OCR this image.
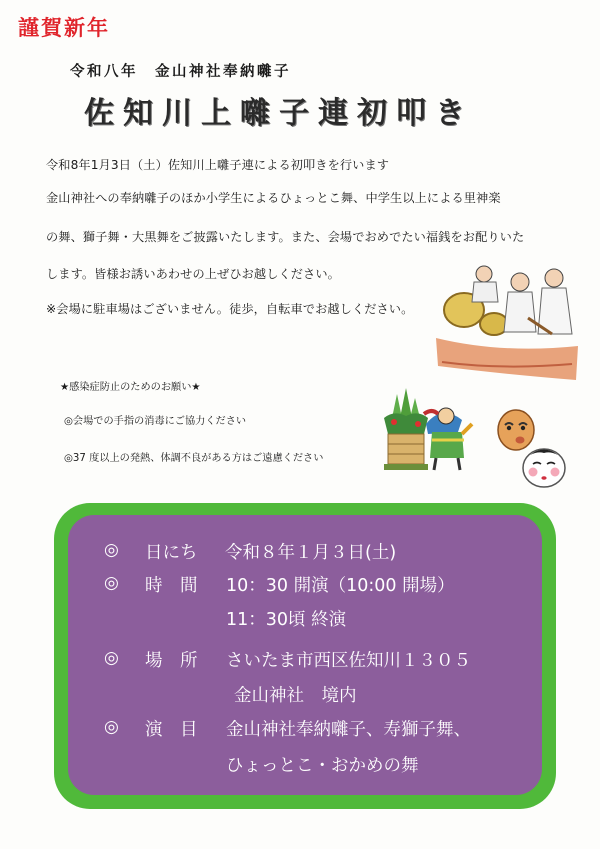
謹賀新年
令和八年　金山神社奉納囃子
佐知川上囃子連初叩き
令和8年1月3日（土）佐知川上囃子連による初叩きを行います
金山神社への奉納囃子のほか小学生によるひょっとこ舞、中学生以上による里神楽
の舞、獅子舞・大黒舞をご披露いたします。また、会場でおめでたい福銭をお配りいた
します。皆様お誘いあわせの上ぜひお越しください。
※会場に駐車場はございません。徒歩，自転車でお越しください。
★感染症防止のためのお願い★
◎会場での手指の消毒にご協力ください
◎37 度以上の発熱、体調不良がある方はご遠慮ください
◎ 日にち 令和８年１月３日(土)
◎ 時　間 10：30 開演（10:00 開場）
11：30頃 終演
◎ 場　所 さいたま市西区佐知川１３０５
金山神社　境内
◎ 演　目 金山神社奉納囃子、寿獅子舞、
ひょっとこ・おかめの舞
